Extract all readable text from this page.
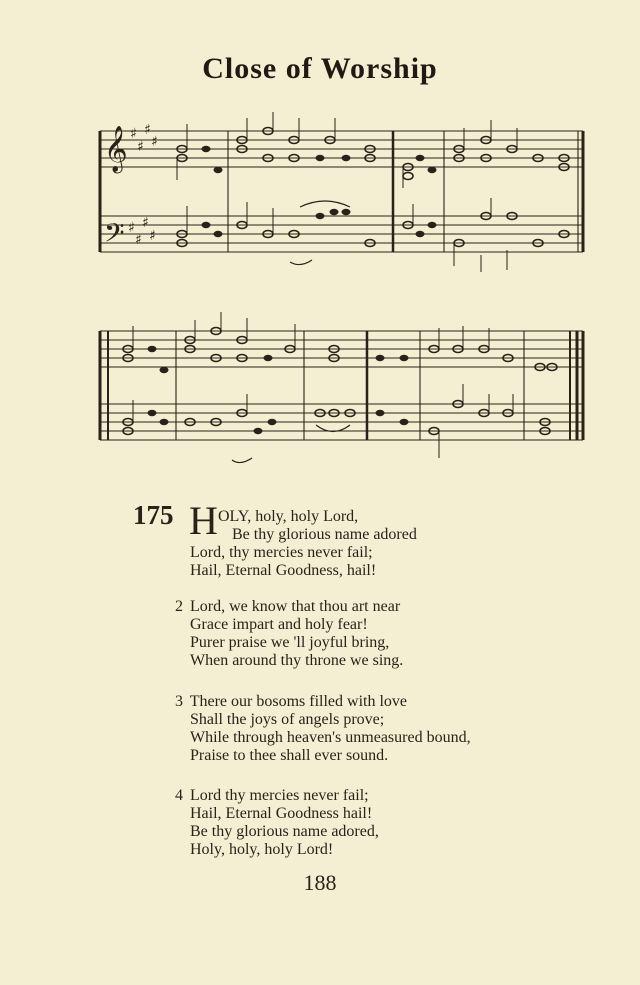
Close of Worship
𝄞
𝄢
♯
♯
♯
♯
♯
♯
♯
♯
175 H OLY, holy, holy Lord,
Be thy glorious name adored
Lord, thy mercies never fail;
Hail, Eternal Goodness, hail!
2 Lord, we know that thou art near
Grace impart and holy fear!
Purer praise we 'll joyful bring,
When around thy throne we sing.
3 There our bosoms filled with love
Shall the joys of angels prove;
While through heaven's unmeasured bound,
Praise to thee shall ever sound.
4 Lord thy mercies never fail;
Hail, Eternal Goodness hail!
Be thy glorious name adored,
Holy, holy, holy Lord!
188
